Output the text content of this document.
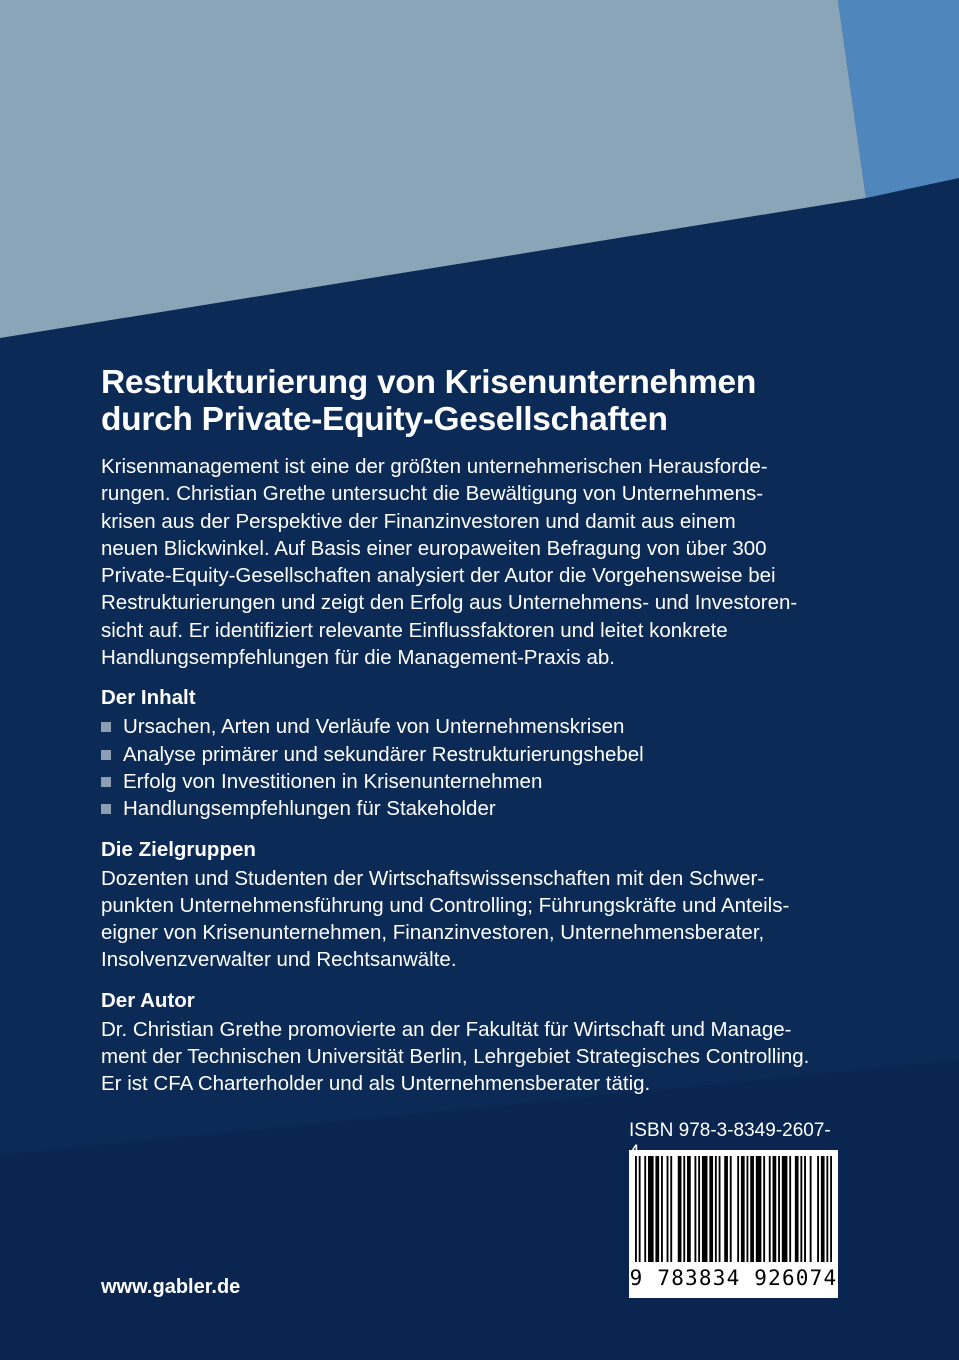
Restrukturierung von Krisenunternehmen
durch Private-Equity-Gesellschaften
Krisenmanagement ist eine der größten unternehmerischen Herausforde-
rungen. Christian Grethe untersucht die Bewältigung von Unternehmens-
krisen aus der Perspektive der Finanzinvestoren und damit aus einem
neuen Blickwinkel. Auf Basis einer europaweiten Befragung von über 300
Private-Equity-Gesellschaften analysiert der Autor die Vorgehensweise bei
Restrukturierungen und zeigt den Erfolg aus Unternehmens- und Investoren-
sicht auf. Er identifiziert relevante Einflussfaktoren und leitet konkrete
Handlungsempfehlungen für die Management-Praxis ab.
Der Inhalt
Ursachen, Arten und Verläufe von Unternehmenskrisen
Analyse primärer und sekundärer Restrukturierungshebel
Erfolg von Investitionen in Krisenunternehmen
Handlungsempfehlungen für Stakeholder
Die Zielgruppen
Dozenten und Studenten der Wirtschaftswissenschaften mit den Schwer-
punkten Unternehmensführung und Controlling; Führungskräfte und Anteils-
eigner von Krisenunternehmen, Finanzinvestoren, Unternehmensberater,
Insolvenzverwalter und Rechtsanwälte.
Der Autor
Dr. Christian Grethe promovierte an der Fakultät für Wirtschaft und Manage-
ment der Technischen Universität Berlin, Lehrgebiet Strategisches Controlling.
Er ist CFA Charterholder und als Unternehmensberater tätig.
ISBN 978-3-8349-2607-
9 783834 926074
www.gabler.de
